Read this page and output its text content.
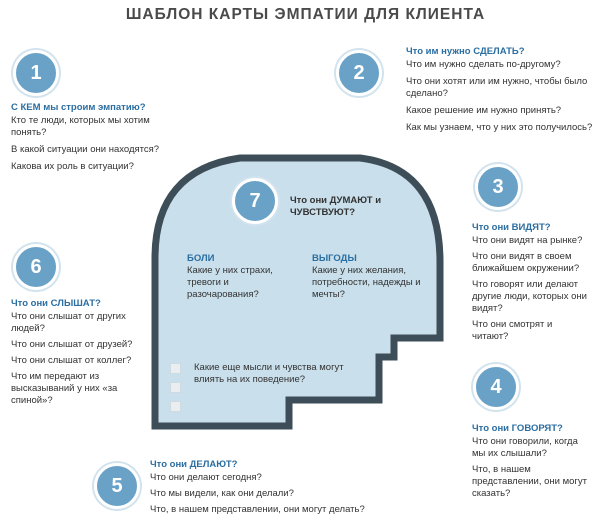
ШАБЛОН КАРТЫ ЭМПАТИИ ДЛЯ КЛИЕНТА
1
С КЕМ мы строим эмпатию?
Кто те люди, которых мы хотим понять?
В какой ситуации они находятся?
Какова их роль в ситуации?
2
Что им нужно СДЕЛАТЬ?
Что им нужно сделать по-другому?
Что они хотят или им нужно, чтобы было сделано?
Какое решение им нужно принять?
Как мы узнаем, что у них это получилось?
3
Что они ВИДЯТ?
Что они видят на рынке?
Что они видят в своем ближайшем окружении?
Что говорят или делают другие люди, которых они видят?
Что они смотрят и читают?
4
Что они ГОВОРЯТ?
Что они говорили, когда мы их слышали?
Что, в нашем представлении, они могут сказать?
5
Что они ДЕЛАЮТ?
Что они делают сегодня?
Что мы видели, как они делали?
Что, в нашем представлении, они могут делать?
6
Что они СЛЫШАТ?
Что они слышат от других людей?
Что они слышат от друзей?
Что они слышат от коллег?
Что им передают из высказываний у них «за спиной»?
7	Что они ДУМАЮТ и ЧУВСТВУЮТ?
БОЛИ
Какие у них страхи, тревоги и разочарования?
ВЫГОДЫ
Какие у них желания, потребности, надежды и мечты?
Какие еще мысли и чувства могут влиять на их поведение?
